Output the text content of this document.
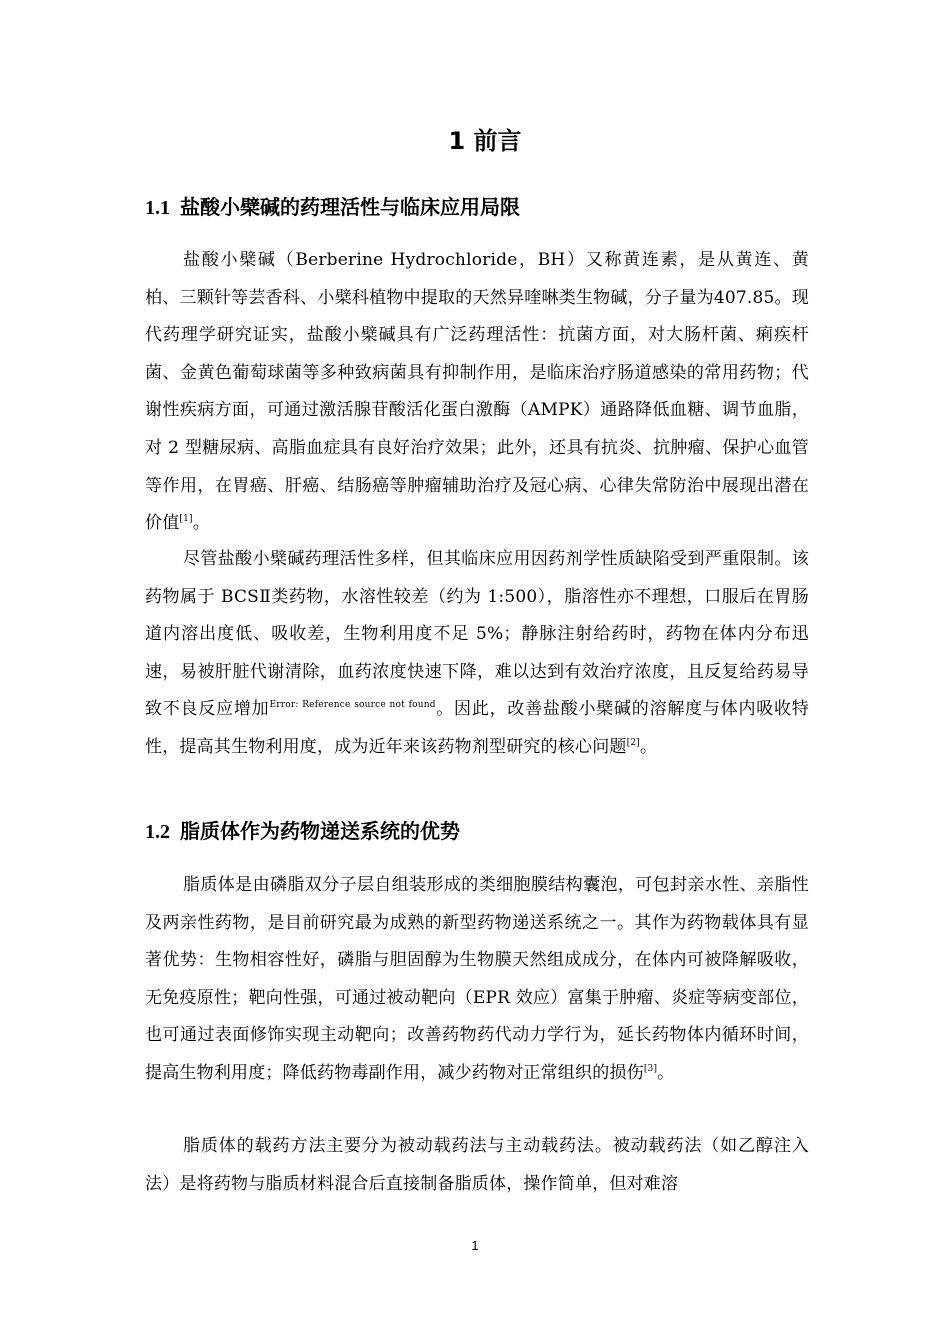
1 前言
1.1 盐酸小檗碱的药理活性与临床应用局限
盐酸小檗碱（Berberine Hydrochloride，BH）又称黄连素，是从黄连、黄柏、三颗针等芸香科、小檗科植物中提取的天然异喹啉类生物碱，分子量为407.85。现代药理学研究证实，盐酸小檗碱具有广泛药理活性：抗菌方面，对大肠杆菌、痢疾杆菌、金黄色葡萄球菌等多种致病菌具有抑制作用，是临床治疗肠道感染的常用药物；代谢性疾病方面，可通过激活腺苷酸活化蛋白激酶（AMPK）通路降低血糖、调节血脂，对 2 型糖尿病、高脂血症具有良好治疗效果；此外，还具有抗炎、抗肿瘤、保护心血管等作用，在胃癌、肝癌、结肠癌等肿瘤辅助治疗及冠心病、心律失常防治中展现出潜在价值[1]。
尽管盐酸小檗碱药理活性多样，但其临床应用因药剂学性质缺陷受到严重限制。该药物属于 BCSⅡ类药物，水溶性较差（约为 1:500），脂溶性亦不理想，口服后在胃肠道内溶出度低、吸收差，生物利用度不足 5%；静脉注射给药时，药物在体内分布迅速，易被肝脏代谢清除，血药浓度快速下降，难以达到有效治疗浓度，且反复给药易导致不良反应增加$^{Error: Reference source not found}$。因此，改善盐酸小檗碱的溶解度与体内吸收特性，提高其生物利用度，成为近年来该药物剂型研究的核心问题[2]。
1.2 脂质体作为药物递送系统的优势
脂质体是由磷脂双分子层自组装形成的类细胞膜结构囊泡，可包封亲水性、亲脂性及两亲性药物，是目前研究最为成熟的新型药物递送系统之一。其作为药物载体具有显著优势：生物相容性好，磷脂与胆固醇为生物膜天然组成成分，在体内可被降解吸收，无免疫原性；靶向性强，可通过被动靶向（EPR 效应）富集于肿瘤、炎症等病变部位，也可通过表面修饰实现主动靶向；改善药物药代动力学行为，延长药物体内循环时间，提高生物利用度；降低药物毒副作用，减少药物对正常组织的损伤[3]。
脂质体的载药方法主要分为被动载药法与主动载药法。被动载药法（如乙醇注入法）是将药物与脂质材料混合后直接制备脂质体，操作简单，但对难溶
1
